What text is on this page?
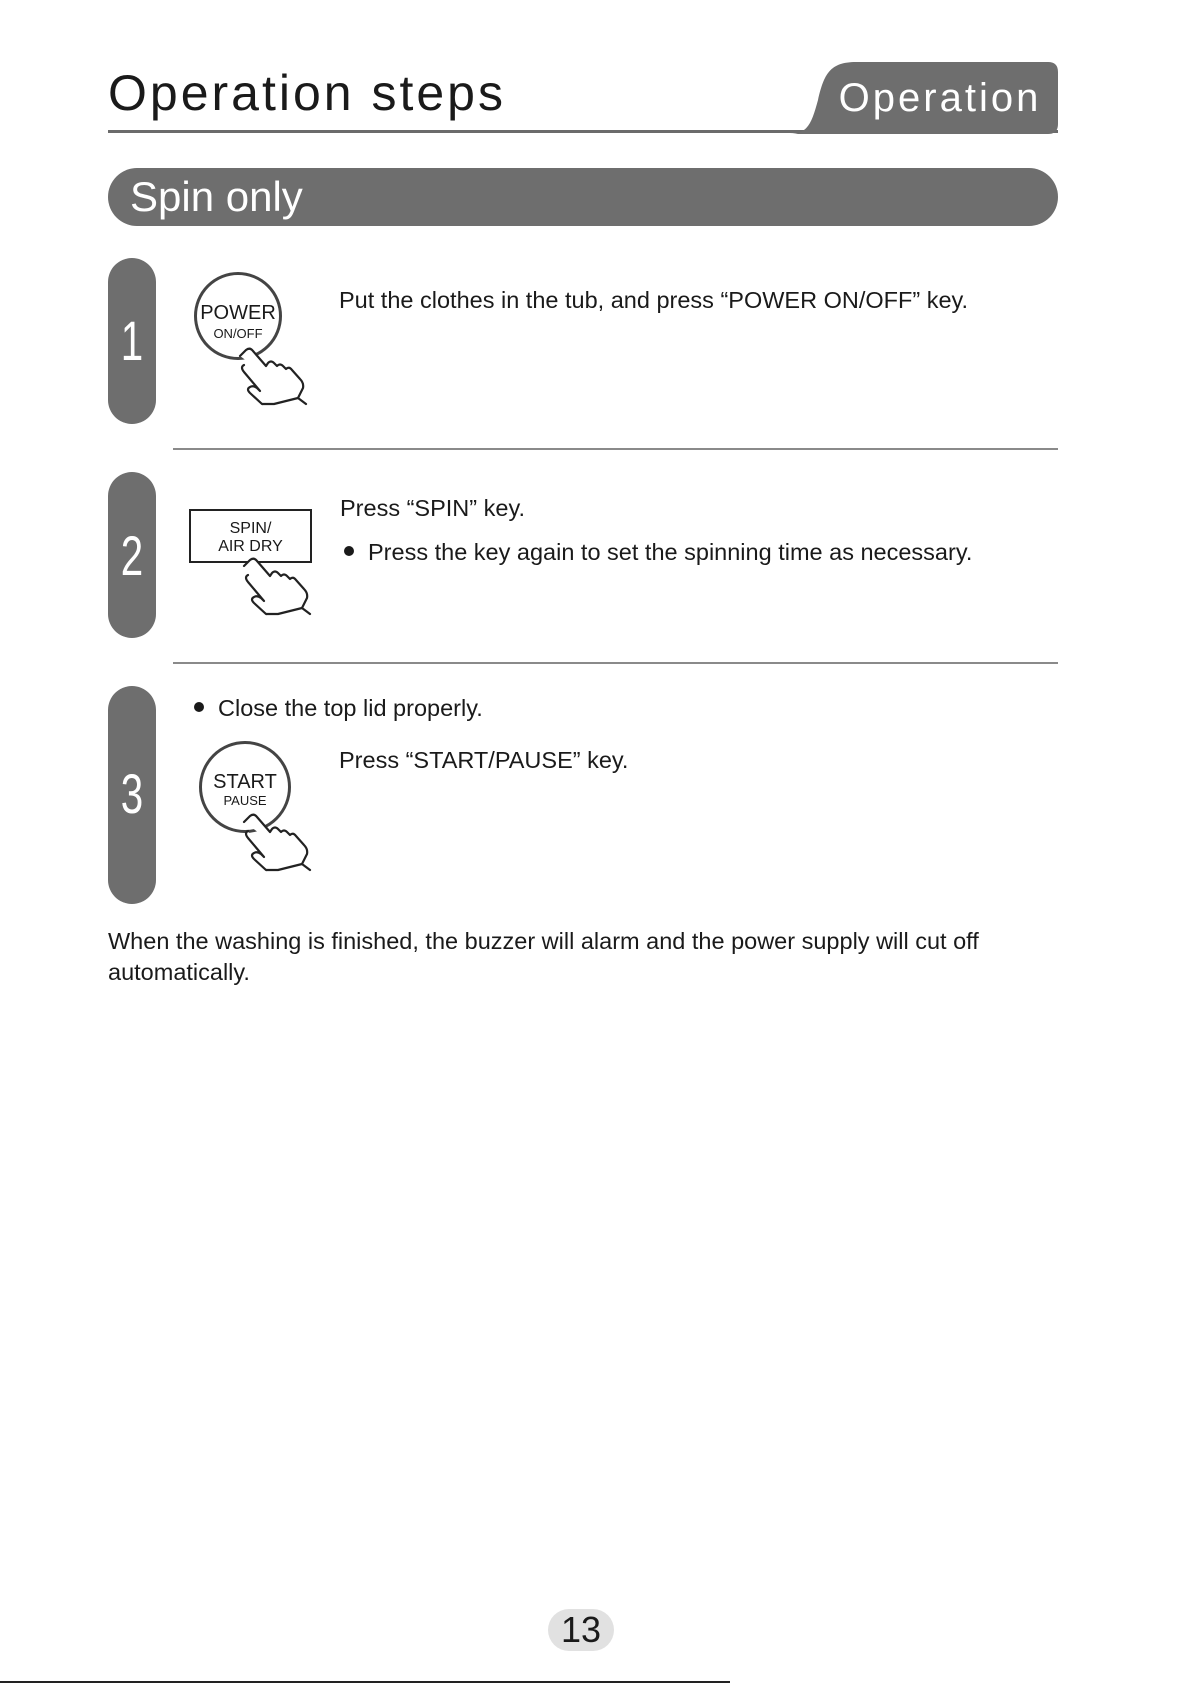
Operation steps	Operation
Spin only
1	POWER
ON/OFF
Put the clothes in the tub, and press “POWER ON/OFF” key.
2	SPIN/
AIR DRY
Press “SPIN” key.
Press the key again to set the spinning time as necessary.
3
Close the top lid properly.
START
PAUSE
Press “START/PAUSE” key.
When the washing is finished, the buzzer will alarm and the power supply will cut off automatically.
13
